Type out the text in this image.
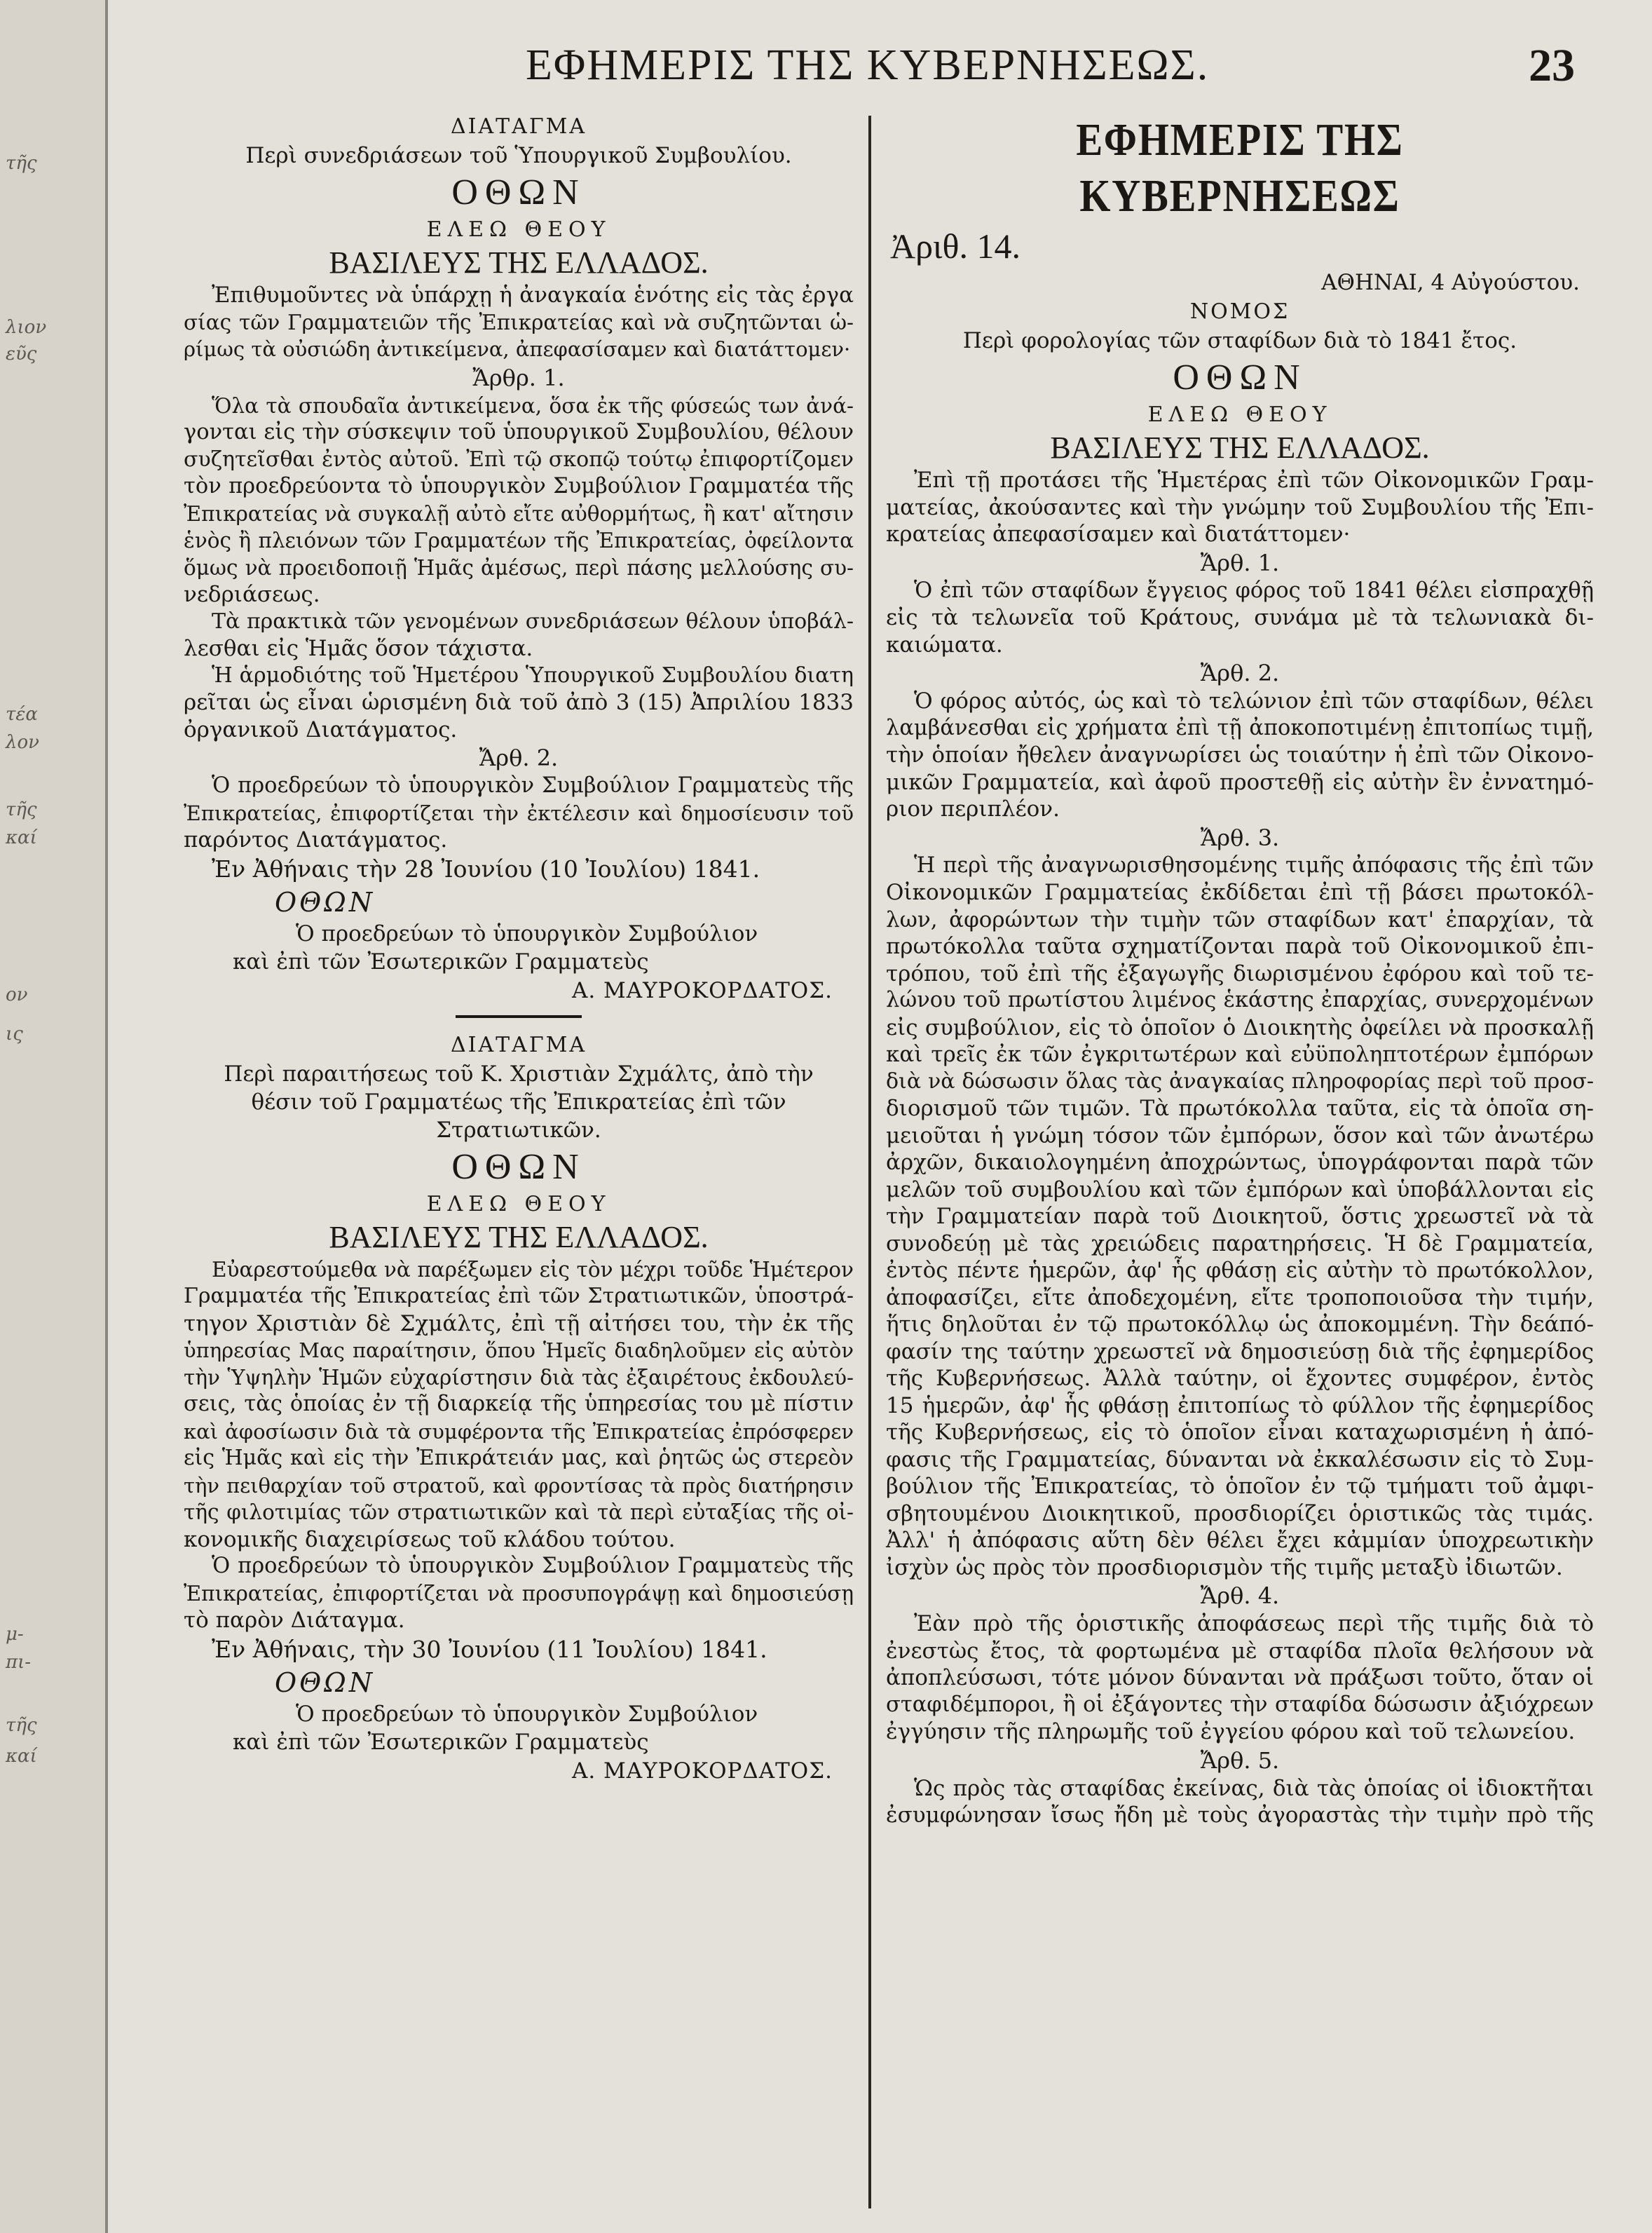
τῆς
λιον
εῦς
τέα
λον
τῆς
καί
ον
ις
μ-
πι-
τῆς
καί
ΕΦΗΜΕΡΙΣ ΤΗΣ ΚΥΒΕΡΝΗΣΕΩΣ.	23
ΔΙΑΤΑΓΜΑ
Περὶ συνεδριάσεων τοῦ Ὑπουργικοῦ Συμβουλίου.
ΟΘΩΝ
ΕΛΕΩ ΘΕΟΥ
ΒΑΣΙΛΕΥΣ ΤΗΣ ΕΛΛΑΔΟΣ.
Ἐπιθυμοῦντες νὰ ὑπάρχῃ ἡ ἀναγκαία ἑνότης εἰς τὰς ἐργα
σίας τῶν Γραμματειῶν τῆς Ἐπικρατείας καὶ νὰ συζητῶνται ὡ-
ρίμως τὰ οὐσιώδη ἀντικείμενα, ἀπεφασίσαμεν καὶ διατάττομεν·
Ἄρθρ. 1.
Ὅλα τὰ σπουδαῖα ἀντικείμενα, ὅσα ἐκ τῆς φύσεώς των ἀνά-
γονται εἰς τὴν σύσκεψιν τοῦ ὑπουργικοῦ Συμβουλίου, θέλουν
συζητεῖσθαι ἐντὸς αὐτοῦ. Ἐπὶ τῷ σκοπῷ τούτῳ ἐπιφορτίζομεν
τὸν προεδρεύοντα τὸ ὑπουργικὸν Συμβούλιον Γραμματέα τῆς
Ἐπικρατείας νὰ συγκαλῇ αὐτὸ εἴτε αὐθορμήτως, ἢ κατ' αἴτησιν
ἑνὸς ἢ πλειόνων τῶν Γραμματέων τῆς Ἐπικρατείας, ὀφείλοντα
ὅμως νὰ προειδοποιῇ Ἡμᾶς ἀμέσως, περὶ πάσης μελλούσης συ-
νεδριάσεως.
Τὰ πρακτικὰ τῶν γενομένων συνεδριάσεων θέλουν ὑποβάλ-
λεσθαι εἰς Ἡμᾶς ὅσον τάχιστα.
Ἡ ἁρμοδιότης τοῦ Ἡμετέρου Ὑπουργικοῦ Συμβουλίου διατη
ρεῖται ὡς εἶναι ὡρισμένη διὰ τοῦ ἀπὸ 3 (15) Ἀπριλίου 1833
ὀργανικοῦ Διατάγματος.
Ἄρθ. 2.
Ὁ προεδρεύων τὸ ὑπουργικὸν Συμβούλιον Γραμματεὺς τῆς
Ἐπικρατείας, ἐπιφορτίζεται τὴν ἐκτέλεσιν καὶ δημοσίευσιν τοῦ
παρόντος Διατάγματος.
Ἐν Ἀθήναις τὴν 28 Ἰουνίου (10 Ἰουλίου) 1841.
ΟΘΩΝ
Ὁ προεδρεύων τὸ ὑπουργικὸν Συμβούλιον
καὶ ἐπὶ τῶν Ἐσωτερικῶν Γραμματεὺς
Α. ΜΑΥΡΟΚΟΡΔΑΤΟΣ.
ΔΙΑΤΑΓΜΑ
Περὶ παραιτήσεως τοῦ Κ. Χριστιὰν Σχμάλτς, ἀπὸ τὴν
θέσιν τοῦ Γραμματέως τῆς Ἐπικρατείας ἐπὶ τῶν
Στρατιωτικῶν.
ΟΘΩΝ
ΕΛΕΩ ΘΕΟΥ
ΒΑΣΙΛΕΥΣ ΤΗΣ ΕΛΛΑΔΟΣ.
Εὐαρεστούμεθα νὰ παρέξωμεν εἰς τὸν μέχρι τοῦδε Ἡμέτερον
Γραμματέα τῆς Ἐπικρατείας ἐπὶ τῶν Στρατιωτικῶν, ὑποστρά-
τηγον Χριστιὰν δὲ Σχμάλτς, ἐπὶ τῇ αἰτήσει του, τὴν ἐκ τῆς
ὑπηρεσίας Μας παραίτησιν, ὅπου Ἡμεῖς διαδηλοῦμεν εἰς αὐτὸν
τὴν Ὑψηλὴν Ἡμῶν εὐχαρίστησιν διὰ τὰς ἐξαιρέτους ἐκδουλεύ-
σεις, τὰς ὁποίας ἐν τῇ διαρκείᾳ τῆς ὑπηρεσίας του μὲ πίστιν
καὶ ἀφοσίωσιν διὰ τὰ συμφέροντα τῆς Ἐπικρατείας ἐπρόσφερεν
εἰς Ἡμᾶς καὶ εἰς τὴν Ἐπικράτειάν μας, καὶ ῥητῶς ὡς στερεὸν
τὴν πειθαρχίαν τοῦ στρατοῦ, καὶ φροντίσας τὰ πρὸς διατήρησιν
τῆς φιλοτιμίας τῶν στρατιωτικῶν καὶ τὰ περὶ εὐταξίας τῆς οἰ-
κονομικῆς διαχειρίσεως τοῦ κλάδου τούτου.
Ὁ προεδρεύων τὸ ὑπουργικὸν Συμβούλιον Γραμματεὺς τῆς
Ἐπικρατείας, ἐπιφορτίζεται νὰ προσυπογράψῃ καὶ δημοσιεύσῃ
τὸ παρὸν Διάταγμα.
Ἐν Ἀθήναις, τὴν 30 Ἰουνίου (11 Ἰουλίου) 1841.
ΟΘΩΝ
Ὁ προεδρεύων τὸ ὑπουργικὸν Συμβούλιον
καὶ ἐπὶ τῶν Ἐσωτερικῶν Γραμματεὺς
Α. ΜΑΥΡΟΚΟΡΔΑΤΟΣ.
ΕΦΗΜΕΡΙΣ ΤΗΣ ΚΥΒΕΡΝΗΣΕΩΣ
Ἀριθ. 14.
ΑΘΗΝΑΙ, 4 Αὐγούστου.
ΝΟΜΟΣ
Περὶ φορολογίας τῶν σταφίδων διὰ τὸ 1841 ἔτος.
ΟΘΩΝ
ΕΛΕΩ ΘΕΟΥ
ΒΑΣΙΛΕΥΣ ΤΗΣ ΕΛΛΑΔΟΣ.
Ἐπὶ τῇ προτάσει τῆς Ἡμετέρας ἐπὶ τῶν Οἰκονομικῶν Γραμ-
ματείας, ἀκούσαντες καὶ τὴν γνώμην τοῦ Συμβουλίου τῆς Ἐπι-
κρατείας ἀπεφασίσαμεν καὶ διατάττομεν·
Ἄρθ. 1.
Ὁ ἐπὶ τῶν σταφίδων ἔγγειος φόρος τοῦ 1841 θέλει εἰσπραχθῇ
εἰς τὰ τελωνεῖα τοῦ Κράτους, συνάμα μὲ τὰ τελωνιακὰ δι-
καιώματα.
Ἄρθ. 2.
Ὁ φόρος αὐτός, ὡς καὶ τὸ τελώνιον ἐπὶ τῶν σταφίδων, θέλει
λαμβάνεσθαι εἰς χρήματα ἐπὶ τῇ ἀποκοποτιμένῃ ἐπιτοπίως τιμῇ,
τὴν ὁποίαν ἤθελεν ἀναγνωρίσει ὡς τοιαύτην ἡ ἐπὶ τῶν Οἰκονο-
μικῶν Γραμματεία, καὶ ἀφοῦ προστεθῇ εἰς αὐτὴν ἓν ἐννατημό-
ριον περιπλέον.
Ἄρθ. 3.
Ἡ περὶ τῆς ἀναγνωρισθησομένης τιμῆς ἀπόφασις τῆς ἐπὶ τῶν
Οἰκονομικῶν Γραμματείας ἐκδίδεται ἐπὶ τῇ βάσει πρωτοκόλ-
λων, ἀφορώντων τὴν τιμὴν τῶν σταφίδων κατ' ἐπαρχίαν, τὰ
πρωτόκολλα ταῦτα σχηματίζονται παρὰ τοῦ Οἰκονομικοῦ ἐπι-
τρόπου, τοῦ ἐπὶ τῆς ἐξαγωγῆς διωρισμένου ἐφόρου καὶ τοῦ τε-
λώνου τοῦ πρωτίστου λιμένος ἑκάστης ἐπαρχίας, συνερχομένων
εἰς συμβούλιον, εἰς τὸ ὁποῖον ὁ Διοικητὴς ὀφείλει νὰ προσκαλῇ
καὶ τρεῖς ἐκ τῶν ἐγκριτωτέρων καὶ εὐϋποληπτοτέρων ἐμπόρων
διὰ νὰ δώσωσιν ὅλας τὰς ἀναγκαίας πληροφορίας περὶ τοῦ προσ-
διορισμοῦ τῶν τιμῶν. Τὰ πρωτόκολλα ταῦτα, εἰς τὰ ὁποῖα ση-
μειοῦται ἡ γνώμη τόσον τῶν ἐμπόρων, ὅσον καὶ τῶν ἀνωτέρω
ἀρχῶν, δικαιολογημένη ἀποχρώντως, ὑπογράφονται παρὰ τῶν
μελῶν τοῦ συμβουλίου καὶ τῶν ἐμπόρων καὶ ὑποβάλλονται εἰς
τὴν Γραμματείαν παρὰ τοῦ Διοικητοῦ, ὅστις χρεωστεῖ νὰ τὰ
συνοδεύῃ μὲ τὰς χρειώδεις παρατηρήσεις. Ἡ δὲ Γραμματεία,
ἐντὸς πέντε ἡμερῶν, ἀφ' ἧς φθάσῃ εἰς αὐτὴν τὸ πρωτόκολλον,
ἀποφασίζει, εἴτε ἀποδεχομένη, εἴτε τροποποιοῦσα τὴν τιμήν,
ἥτις δηλοῦται ἐν τῷ πρωτοκόλλῳ ὡς ἀποκομμένη. Τὴν δεάπό-
φασίν της ταύτην χρεωστεῖ νὰ δημοσιεύσῃ διὰ τῆς ἐφημερίδος
τῆς Κυβερνήσεως. Ἀλλὰ ταύτην, οἱ ἔχοντες συμφέρον, ἐντὸς
15 ἡμερῶν, ἀφ' ἧς φθάσῃ ἐπιτοπίως τὸ φύλλον τῆς ἐφημερίδος
τῆς Κυβερνήσεως, εἰς τὸ ὁποῖον εἶναι καταχωρισμένη ἡ ἀπό-
φασις τῆς Γραμματείας, δύνανται νὰ ἐκκαλέσωσιν εἰς τὸ Συμ-
βούλιον τῆς Ἐπικρατείας, τὸ ὁποῖον ἐν τῷ τμήματι τοῦ ἀμφι-
σβητουμένου Διοικητικοῦ, προσδιορίζει ὁριστικῶς τὰς τιμάς.
Ἀλλ' ἡ ἀπόφασις αὕτη δὲν θέλει ἔχει κἀμμίαν ὑποχρεωτικὴν
ἰσχὺν ὡς πρὸς τὸν προσδιορισμὸν τῆς τιμῆς μεταξὺ ἰδιωτῶν.
Ἄρθ. 4.
Ἐὰν πρὸ τῆς ὁριστικῆς ἀποφάσεως περὶ τῆς τιμῆς διὰ τὸ
ἐνεστὼς ἔτος, τὰ φορτωμένα μὲ σταφίδα πλοῖα θελήσουν νὰ
ἀποπλεύσωσι, τότε μόνον δύνανται νὰ πράξωσι τοῦτο, ὅταν οἱ
σταφιδέμποροι, ἢ οἱ ἐξάγοντες τὴν σταφίδα δώσωσιν ἀξιόχρεων
ἐγγύησιν τῆς πληρωμῆς τοῦ ἐγγείου φόρου καὶ τοῦ τελωνείου.
Ἄρθ. 5.
Ὡς πρὸς τὰς σταφίδας ἐκείνας, διὰ τὰς ὁποίας οἱ ἰδιοκτῆται
ἐσυμφώνησαν ἴσως ἤδη μὲ τοὺς ἀγοραστὰς τὴν τιμὴν πρὸ τῆς
